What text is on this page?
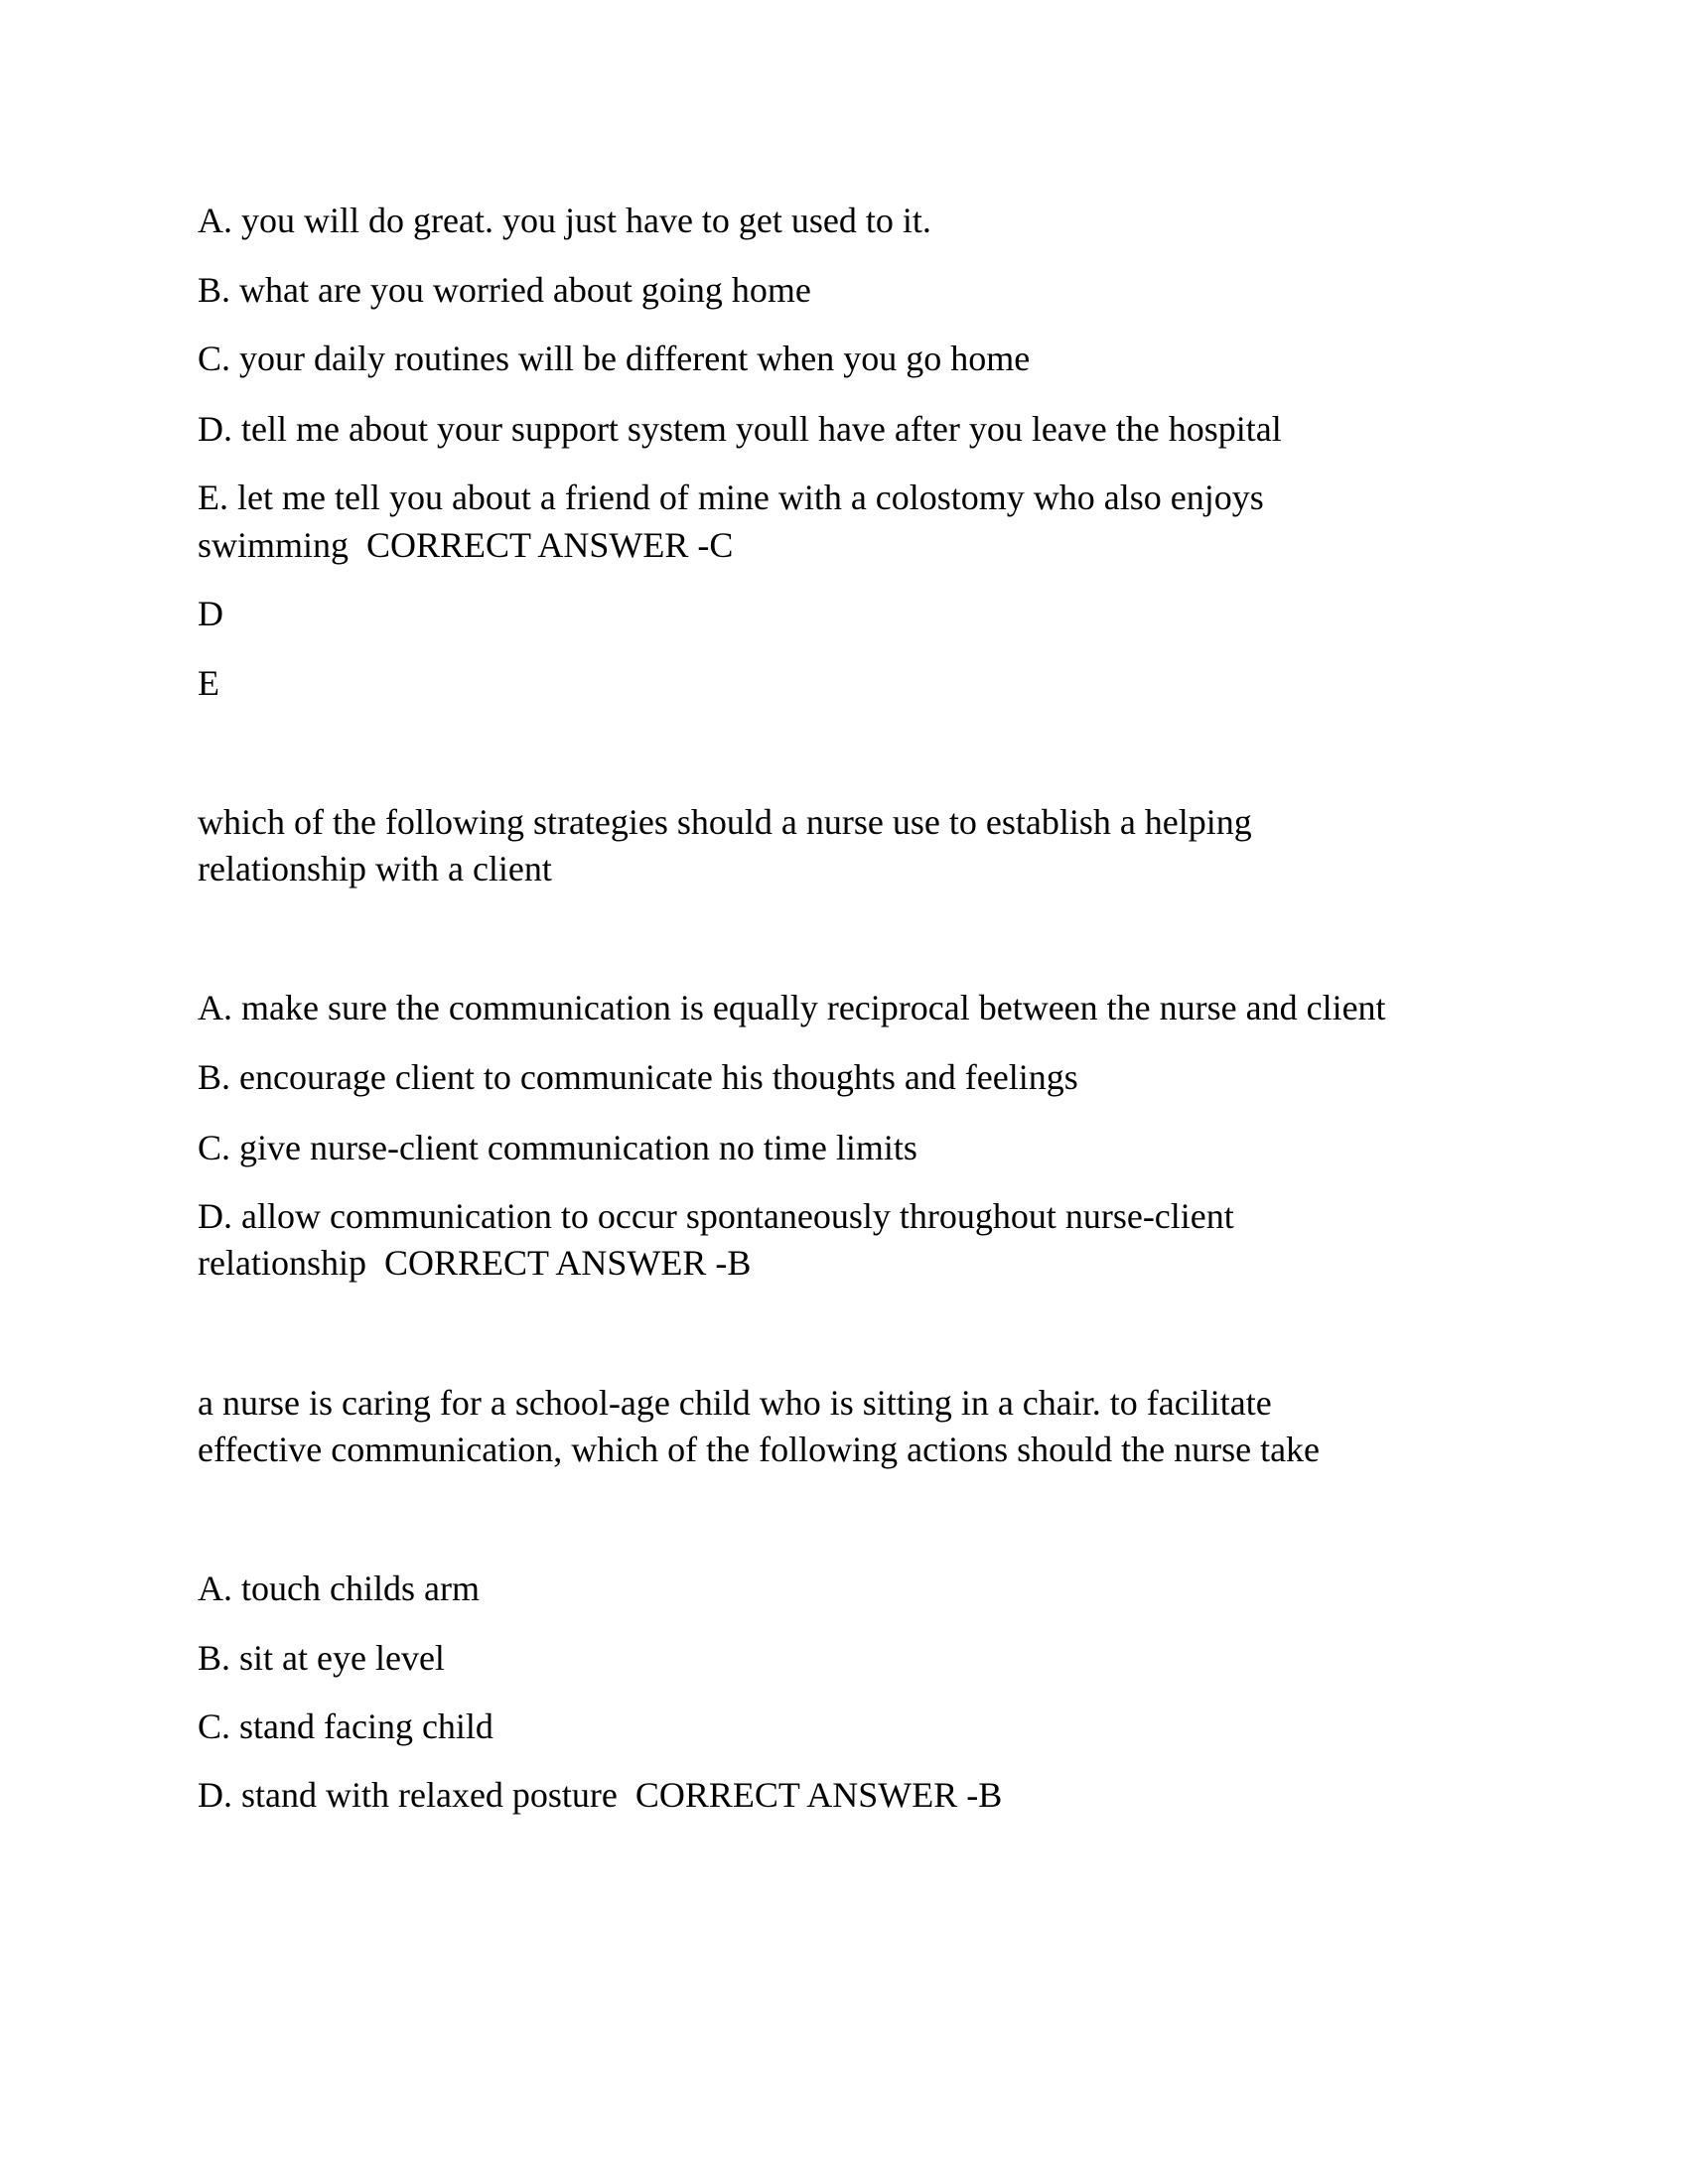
A. you will do great. you just have to get used to it.
B. what are you worried about going home
C. your daily routines will be different when you go home
D. tell me about your support system youll have after you leave the hospital
E. let me tell you about a friend of mine with a colostomy who also enjoys
swimming  CORRECT ANSWER -C
D
E
which of the following strategies should a nurse use to establish a helping
relationship with a client
A. make sure the communication is equally reciprocal between the nurse and client
B. encourage client to communicate his thoughts and feelings
C. give nurse-client communication no time limits
D. allow communication to occur spontaneously throughout nurse-client
relationship  CORRECT ANSWER -B
a nurse is caring for a school-age child who is sitting in a chair. to facilitate
effective communication, which of the following actions should the nurse take
A. touch childs arm
B. sit at eye level
C. stand facing child
D. stand with relaxed posture  CORRECT ANSWER -B
